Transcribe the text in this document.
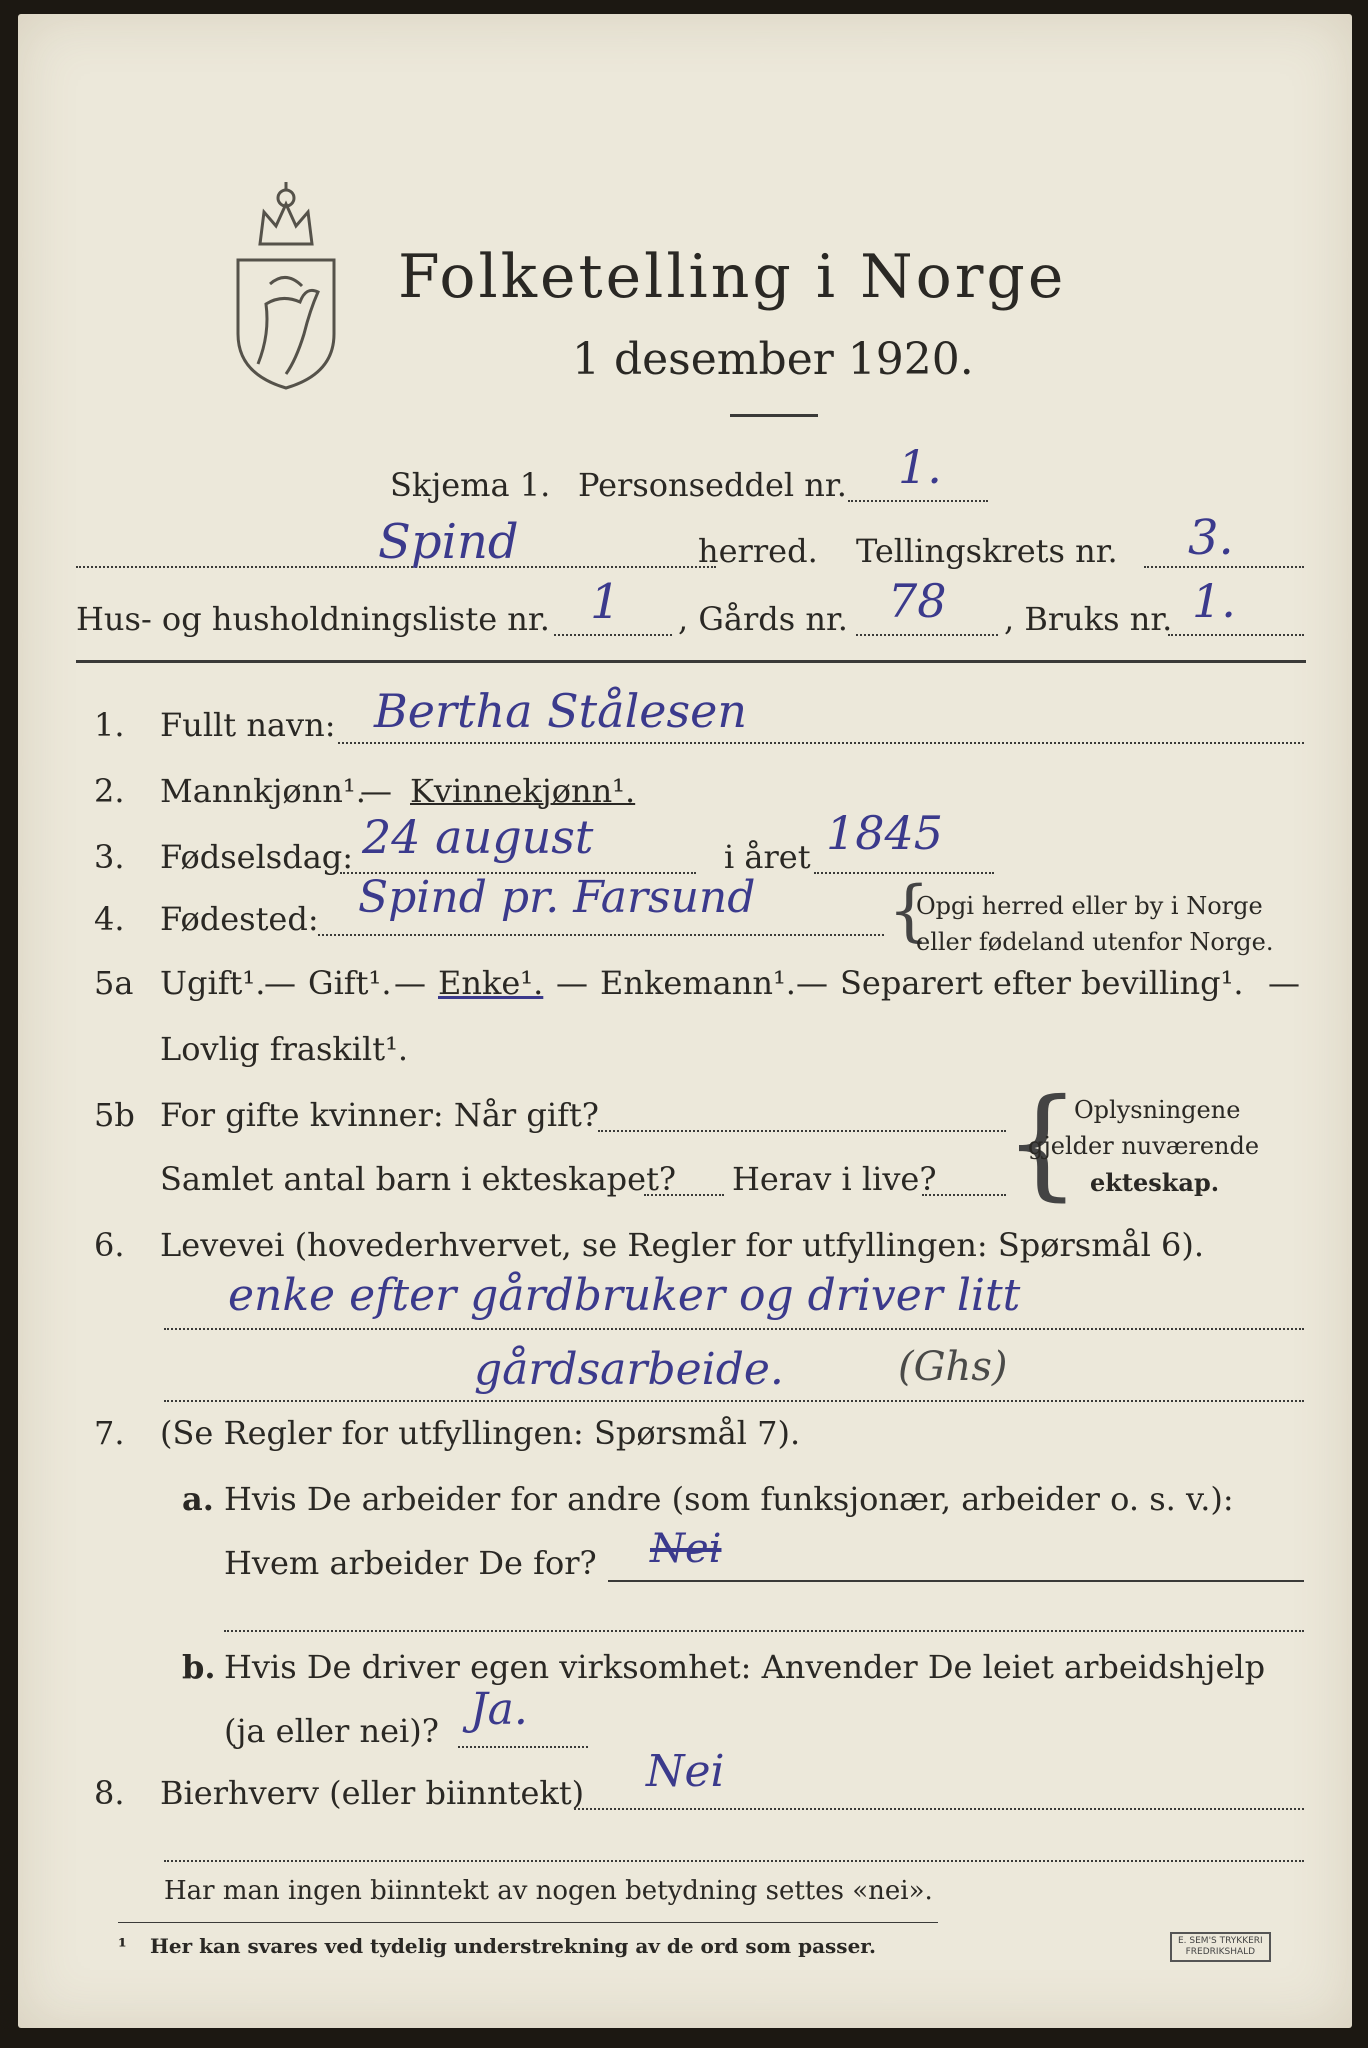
Folketelling i Norge
1 desember 1920.
Skjema 1. Personseddel nr. 1.
Spind	herred. Tellingskrets nr. 3.
Hus- og husholdningsliste nr. 1 , Gårds nr. 78 , Bruks nr. 1.
1. Fullt navn: Bertha Stålesen
2. Mannkjønn¹.
— Kvinnekjønn¹.
3. Fødselsdag: 24 august	i året 1845
4. Fødested: Spind pr. Farsund {
Opgi herred eller by i Norge
eller fødeland utenfor Norge.
5a Ugift¹.
— Gift¹. — Enke¹. — Enkemann¹. — Separert efter bevilling¹. —
Lovlig fraskilt¹.
5b For gifte kvinner: Når gift?
Samlet antal barn i ekteskapet? Herav i live? {
Oplysningene
gjelder nuværende
ekteskap.
6. Levevei (hovederhvervet, se Regler for utfyllingen: Spørsmål 6).
enke efter gårdbruker og driver litt
gårdsarbeide.	(Ghs)
7. (Se Regler for utfyllingen: Spørsmål 7).
a. Hvis De arbeider for andre (som funksjonær, arbeider o. s. v.):
Hvem arbeider De for? Nei
b. Hvis De driver egen virksomhet: Anvender De leiet arbeidshjelp
(ja eller nei)? Ja.
8. Bierhverv (eller biinntekt) Nei
Har man ingen biinntekt av nogen betydning settes «nei».
¹ Her kan svares ved tydelig understrekning av de ord som passer.	E. SEM'S TRYKKERI
FREDRIKSHALD
